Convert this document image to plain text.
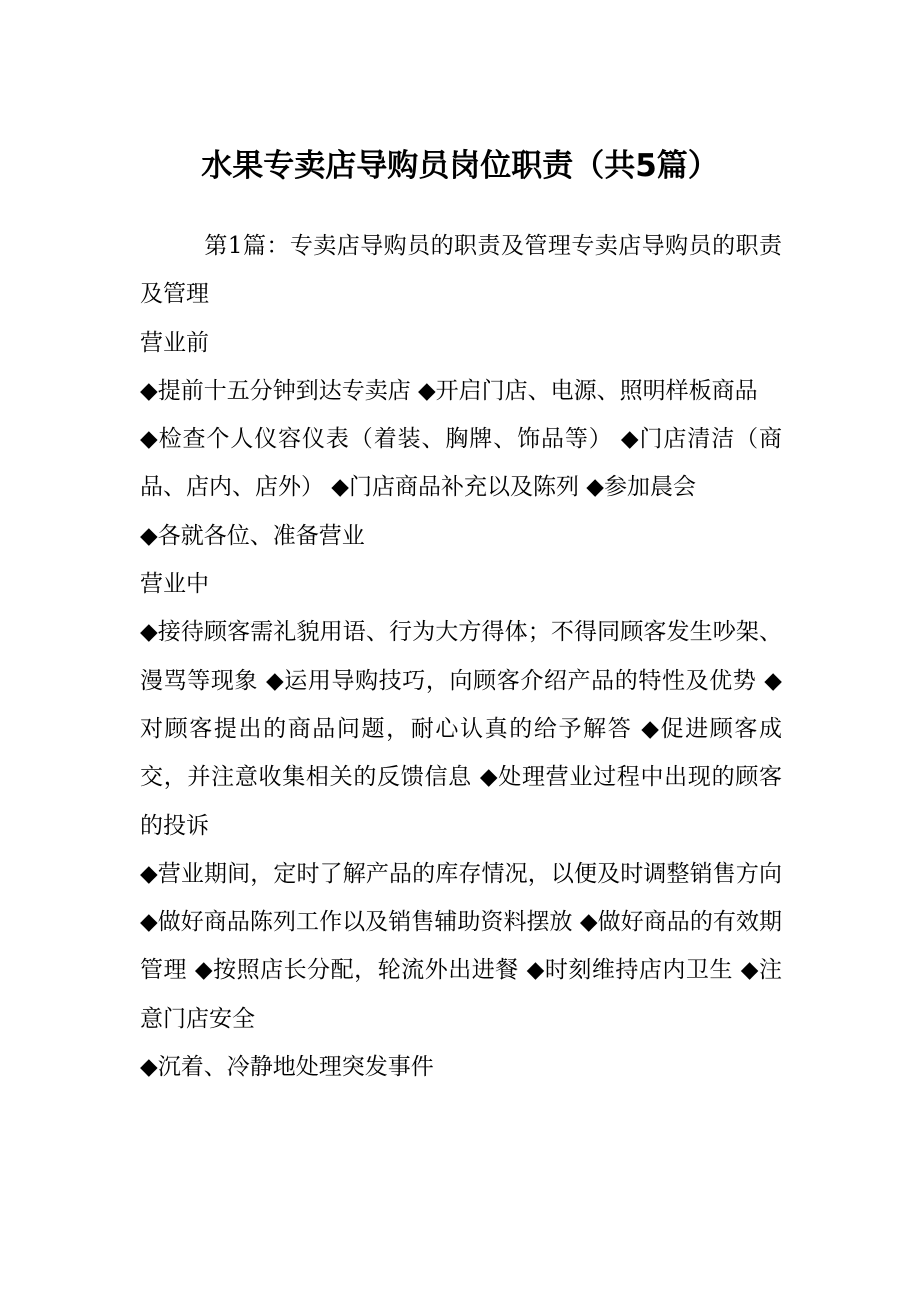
水果专卖店导购员岗位职责（共5篇）

第1篇：专卖店导购员的职责及管理专卖店导购员的职责及管理

营业前

◆提前十五分钟到达专卖店 ◆开启门店、电源、照明样板商品

◆检查个人仪容仪表（着装、胸牌、饰品等） ◆门店清洁（商品、店内、店外） ◆门店商品补充以及陈列 ◆参加晨会

◆各就各位、准备营业

营业中

◆接待顾客需礼貌用语、行为大方得体；不得同顾客发生吵架、漫骂等现象 ◆运用导购技巧，向顾客介绍产品的特性及优势 ◆对顾客提出的商品问题，耐心认真的给予解答 ◆促进顾客成交，并注意收集相关的反馈信息 ◆处理营业过程中出现的顾客的投诉

◆营业期间，定时了解产品的库存情况，以便及时调整销售方向 ◆做好商品陈列工作以及销售辅助资料摆放 ◆做好商品的有效期管理 ◆按照店长分配，轮流外出进餐 ◆时刻维持店内卫生 ◆注意门店安全

◆沉着、冷静地处理突发事件
